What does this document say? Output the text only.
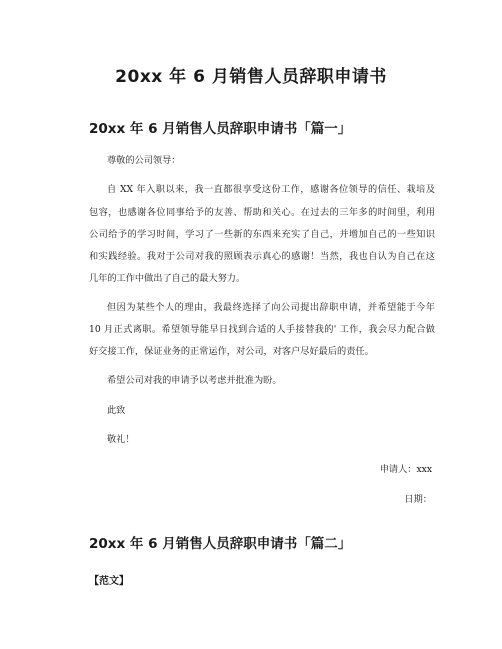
20xx 年 6 月销售人员辞职申请书
20xx 年 6 月销售人员辞职申请书「篇一」

尊敬的公司领导：

自 XX 年入职以来，我一直都很享受这份工作，感谢各位领导的信任、栽培及

包容，也感谢各位同事给予的友善、帮助和关心。在过去的三年多的时间里，利用

公司给予的学习时间，学习了一些新的东西来充实了自己，并增加自己的一些知识

和实践经验。我对于公司对我的照顾表示真心的感谢！当然，我也自认为自己在这

几年的工作中做出了自己的最大努力。

但因为某些个人的理由，我最终选择了向公司提出辞职申请，并希望能于今年

10 月正式离职。希望领导能早日找到合适的人手接替我的' 工作，我会尽力配合做

好交接工作，保证业务的正常运作，对公司，对客户尽好最后的责任。

希望公司对我的申请予以考虑并批准为盼。

此致

敬礼！

申请人：xxx

日期：

20xx 年 6 月销售人员辞职申请书「篇二」

【范文】
